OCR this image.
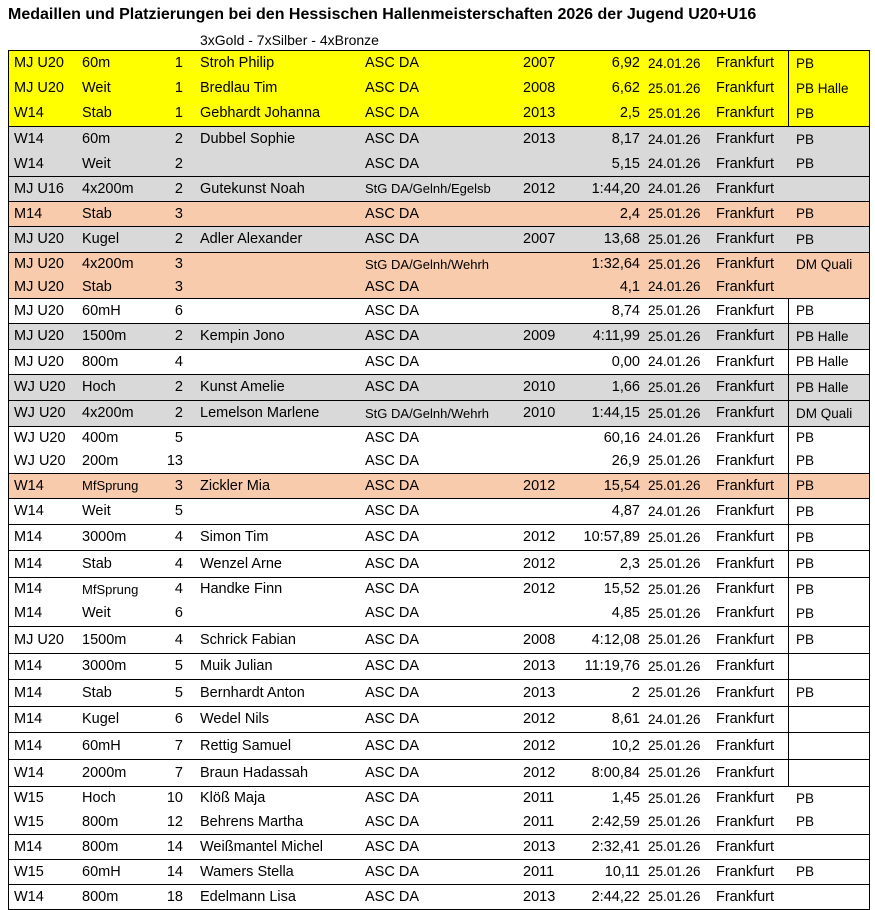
Medaillen und Platzierungen bei den Hessischen Hallenmeisterschaften 2026 der Jugend U20+U16
3xGold - 7xSilber - 4xBronze
MJ U20 60m	1 Stroh Philip	ASC DA	2007	6,92 24.01.26 Frankfurt PB
MJ U20 Weit	1 Bredlau Tim	ASC DA	2008	6,62 25.01.26 Frankfurt PB Halle
W14	Stab	1 Gebhardt Johanna	ASC DA	2013	2,5 25.01.26 Frankfurt PB
W14	60m	2 Dubbel Sophie	ASC DA	2013	8,17 24.01.26 Frankfurt PB
W14	Weit	2	ASC DA	5,15 24.01.26 Frankfurt PB
MJ U16 4x200m	2 Gutekunst Noah	StG DA/Gelnh/Egelsb 2012	1:44,20 24.01.26 Frankfurt
M14	Stab	3	ASC DA	2,4 25.01.26 Frankfurt PB
MJ U20 Kugel	2 Adler Alexander	ASC DA	2007	13,68 25.01.26 Frankfurt PB
MJ U20 4x200m	3	StG DA/Gelnh/Wehrh	1:32,64 25.01.26 Frankfurt DM Quali
MJ U20 Stab	3	ASC DA	4,1 24.01.26 Frankfurt
MJ U20 60mH	6	ASC DA	8,74 25.01.26 Frankfurt PB
MJ U20 1500m	2 Kempin Jono	ASC DA	2009	4:11,99 25.01.26 Frankfurt PB Halle
MJ U20 800m	4	ASC DA	0,00 24.01.26 Frankfurt PB Halle
WJ U20 Hoch	2 Kunst Amelie	ASC DA	2010	1,66 25.01.26 Frankfurt PB Halle
WJ U20 4x200m	2 Lemelson Marlene	StG DA/Gelnh/Wehrh 2010	1:44,15 25.01.26 Frankfurt DM Quali
WJ U20 400m	5	ASC DA	60,16 24.01.26 Frankfurt PB
WJ U20 200m	13	ASC DA	26,9 25.01.26 Frankfurt PB
W14	MfSprung	3 Zickler Mia	ASC DA	2012	15,54 25.01.26 Frankfurt PB
W14	Weit	5	ASC DA	4,87 24.01.26 Frankfurt PB
M14	3000m	4 Simon Tim	ASC DA	2012	10:57,89 25.01.26 Frankfurt PB
M14	Stab	4 Wenzel Arne	ASC DA	2012	2,3 25.01.26 Frankfurt PB
M14	MfSprung	4 Handke Finn	ASC DA	2012	15,52 25.01.26 Frankfurt PB
M14	Weit	6	ASC DA	4,85 25.01.26 Frankfurt PB
MJ U20 1500m	4 Schrick Fabian	ASC DA	2008	4:12,08 25.01.26 Frankfurt PB
M14	3000m	5 Muik Julian	ASC DA	2013	11:19,76 25.01.26 Frankfurt
M14	Stab	5 Bernhardt Anton	ASC DA	2013	2 25.01.26 Frankfurt PB
M14	Kugel	6 Wedel Nils	ASC DA	2012	8,61 24.01.26 Frankfurt
M14	60mH	7 Rettig Samuel	ASC DA	2012	10,2 25.01.26 Frankfurt
W14	2000m	7 Braun Hadassah	ASC DA	2012	8:00,84 25.01.26 Frankfurt
W15	Hoch	10 Klöß Maja	ASC DA	2011	1,45 25.01.26 Frankfurt PB
W15	800m	12 Behrens Martha	ASC DA	2011	2:42,59 25.01.26 Frankfurt PB
M14	800m	14 Weißmantel Michel	ASC DA	2013	2:32,41 25.01.26 Frankfurt
W15	60mH	14 Wamers Stella	ASC DA	2011	10,11 25.01.26 Frankfurt PB
W14	800m	18 Edelmann Lisa	ASC DA	2013	2:44,22 25.01.26 Frankfurt
